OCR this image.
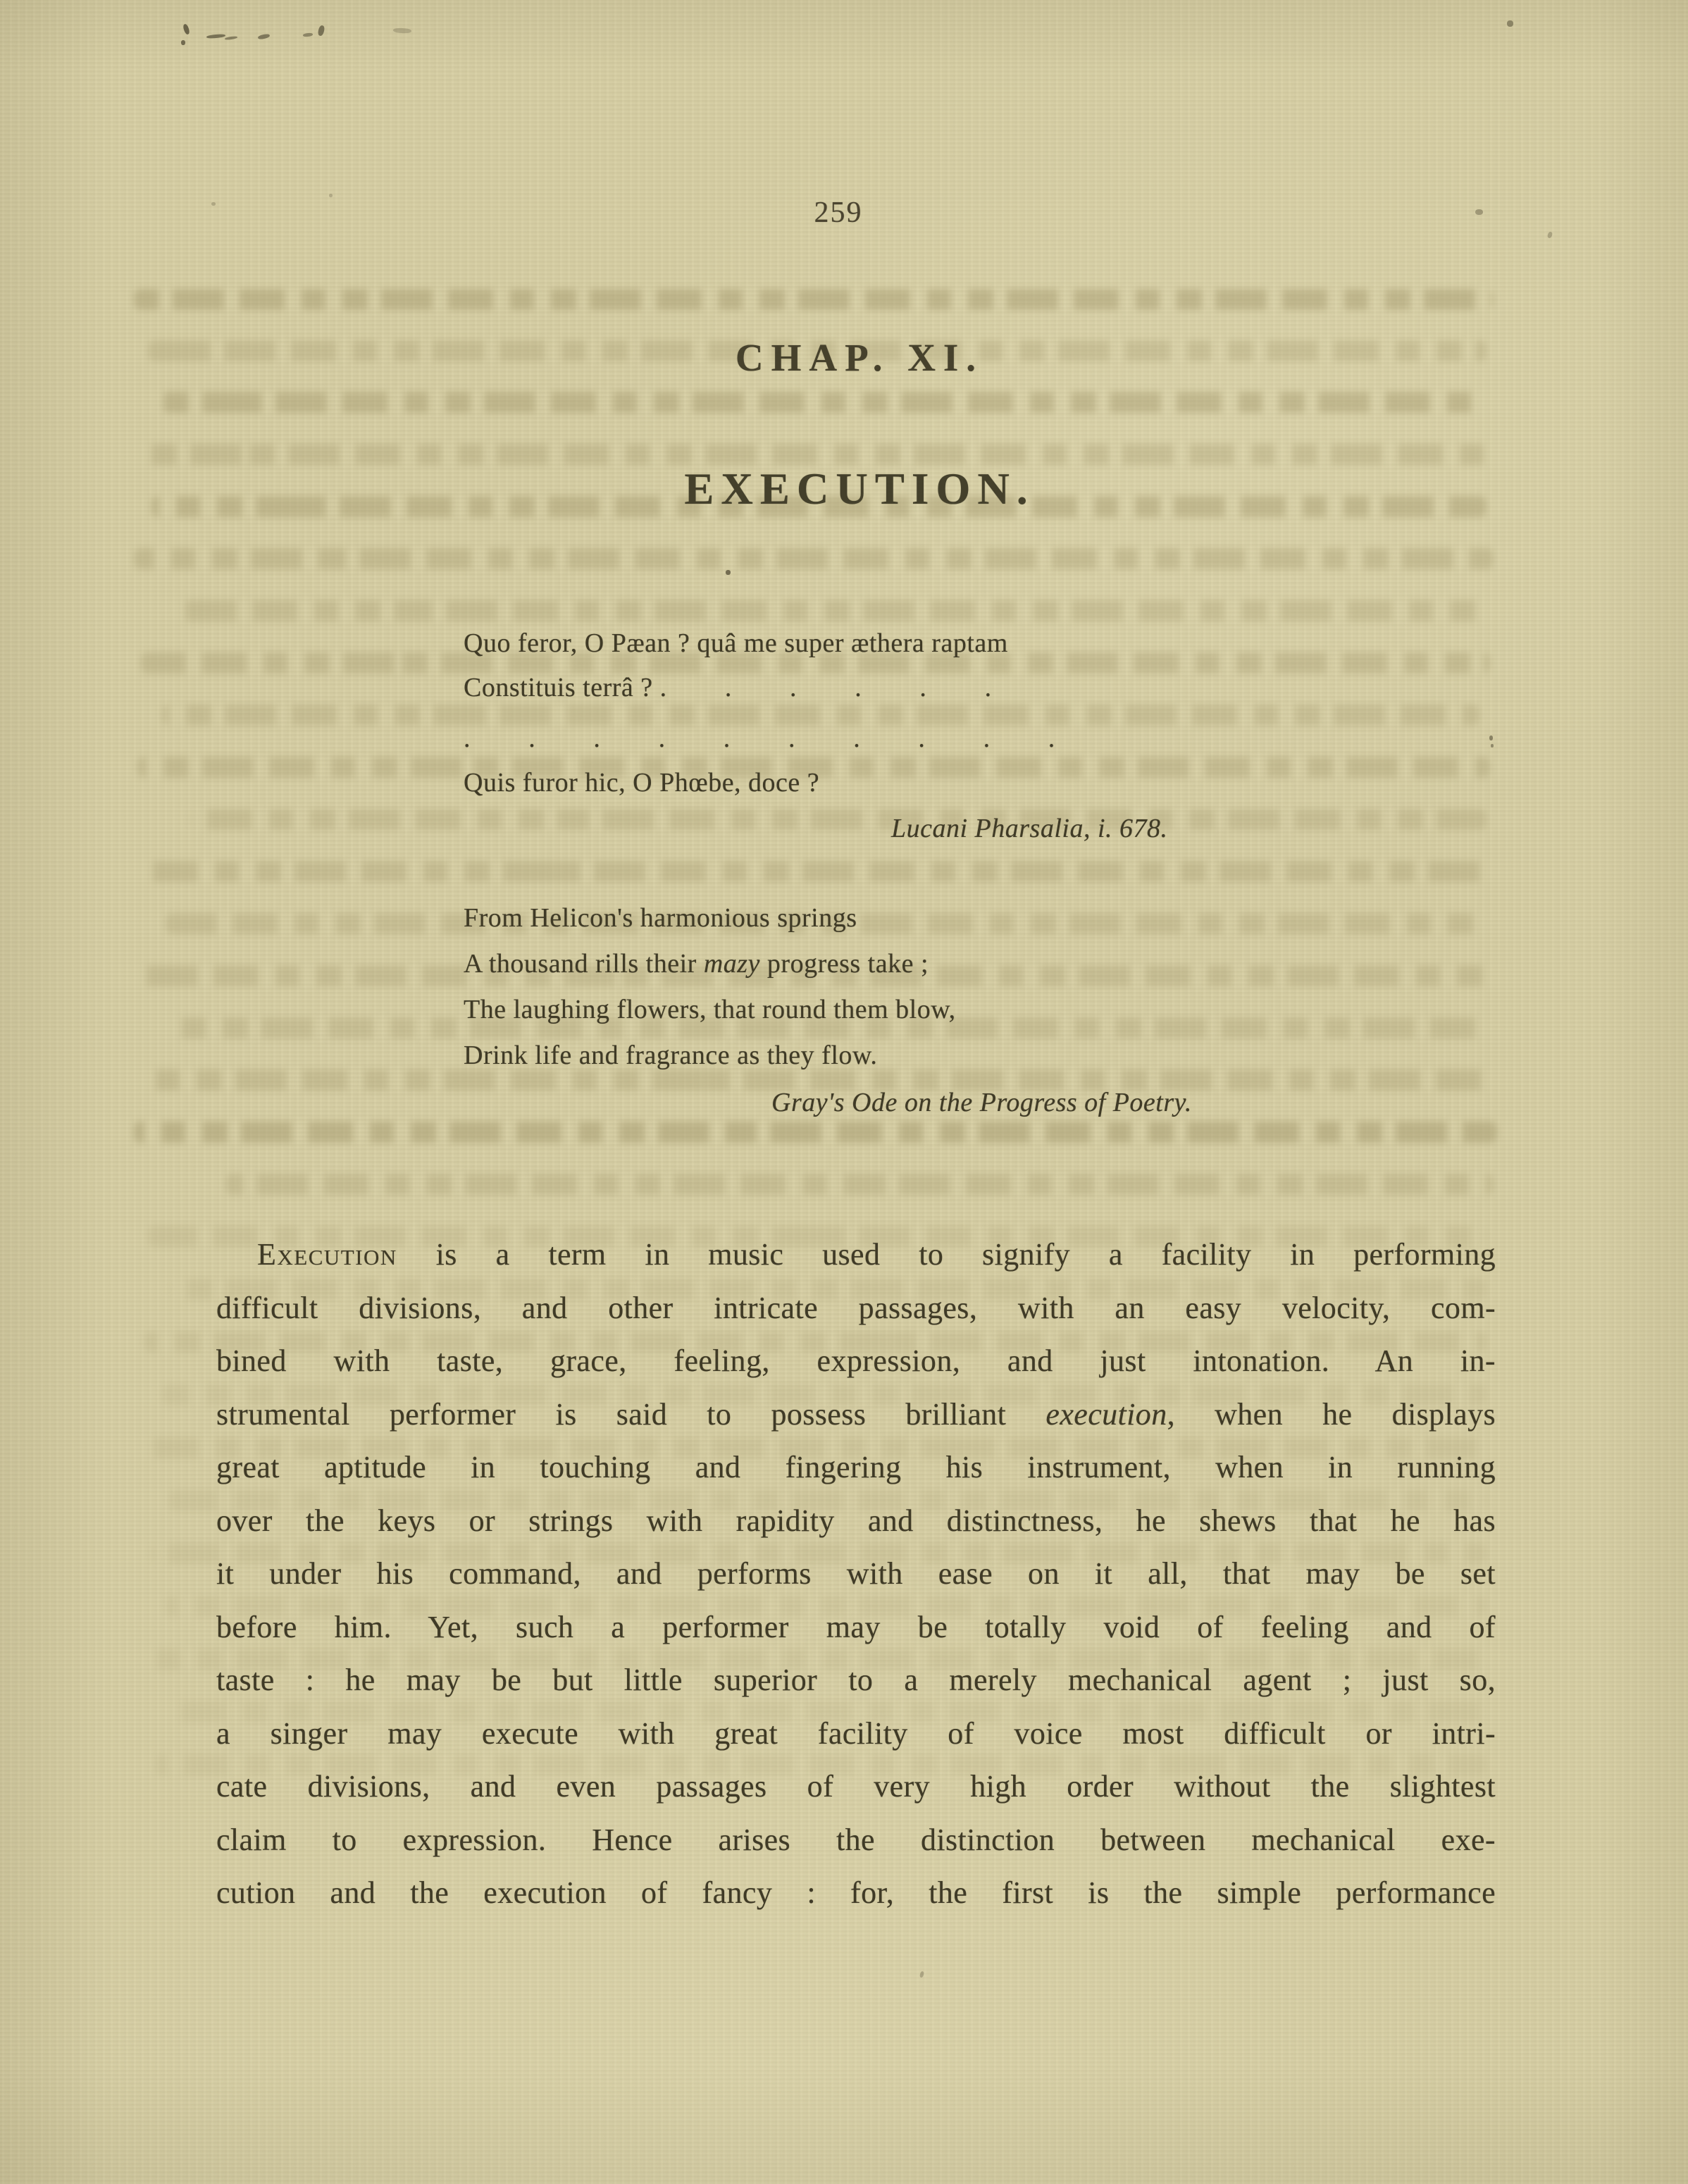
259
CHAP. XI.
EXECUTION.
Quo feror, O Pæan ? quâ me super æthera raptam
Constituis terrâ ? . . . . . .
. . . . . . . . . .
Quis furor hic, O Phœbe, doce ?
Lucani Pharsalia, i. 678.
From Helicon's harmonious springs
A thousand rills their mazy progress take ;
The laughing flowers, that round them blow,
Drink life and fragrance as they flow.
Gray's Ode on the Progress of Poetry.
Execution is a term in music used to signify a facility in performing
difficult divisions, and other intricate passages, with an easy velocity, com-
bined with taste, grace, feeling, expression, and just intonation. An in-
strumental performer is said to possess brilliant execution, when he displays
great aptitude in touching and fingering his instrument, when in running
over the keys or strings with rapidity and distinctness, he shews that he has
it under his command, and performs with ease on it all, that may be set
before him. Yet, such a performer may be totally void of feeling and of
taste : he may be but little superior to a merely mechanical agent ; just so,
a singer may execute with great facility of voice most difficult or intri-
cate divisions, and even passages of very high order without the slightest
claim to expression. Hence arises the distinction between mechanical exe-
cution and the execution of fancy : for, the first is the simple performance
